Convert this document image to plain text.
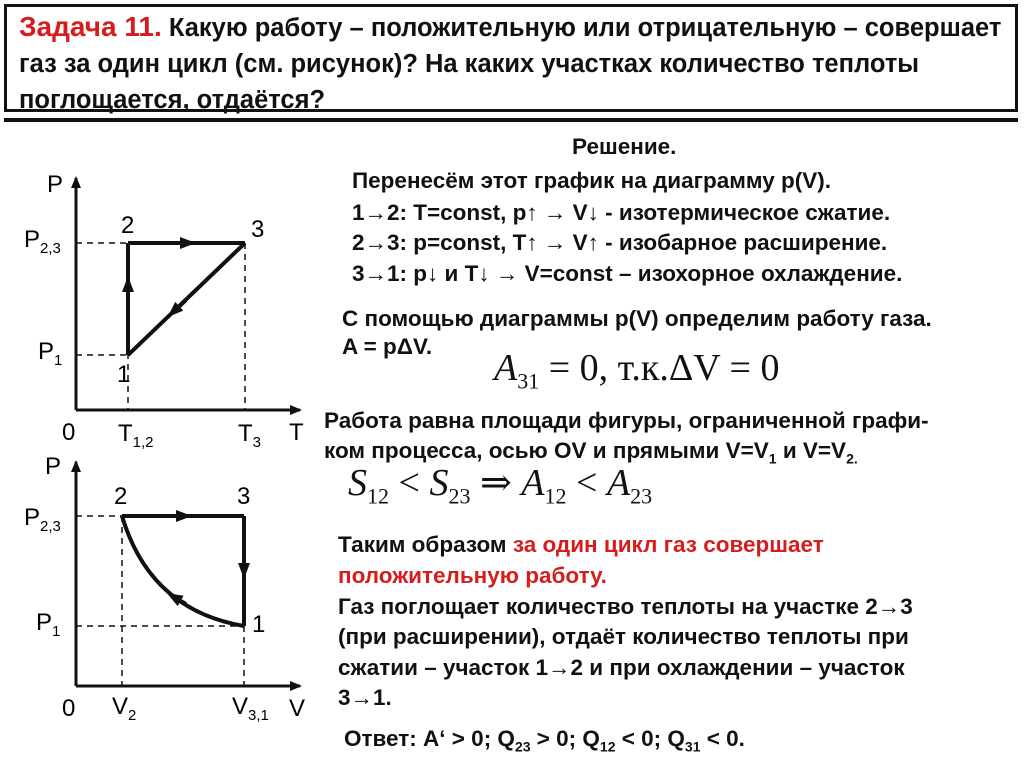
Задача 11. Какую работу – положительную или отрицательную – совершает газ за один цикл (см. рисунок)? На каких участках количество теплоты поглощается, отдаётся?
P
T
0
$P_{2,3}$
$P_1$
$T_{1,2}$	$T_3$
1
2	3
P
V
0
$P_{2,3}$
$P_1$
$V_2$	$V_{3,1}$
1
2	3
Решение.
Перенесём этот график на диаграмму p(V).
1→2: T=const, p↑ → V↓ - изотермическое сжатие.
2→3: p=const, T↑ → V↑ - изобарное расширение.
3→1: p↓ и T↓ → V=const – изохорное охлаждение.
С помощью диаграммы p(V) определим работу газа.
A = pΔV.
$A_{31} = 0$, т.к.ΔV = 0
Работа равна площади фигуры, ограниченной графи-
ком процесса, осью OV и прямыми $V=V_1$ и $V=V_{2.}$
$S_{12} < S_{23}$ ⇒ $A_{12} < A_{23}$
Таким образом за один цикл газ совершает
положительную работу.
Газ поглощает количество теплоты на участке 2→3
(при расширении), отдаёт количество теплоты при
сжатии – участок 1→2 и при охлаждении – участок
3→1.
Ответ: A‘ > 0; $Q_{23} > 0$; $Q_{12} < 0$; $Q_{31} < 0$.
